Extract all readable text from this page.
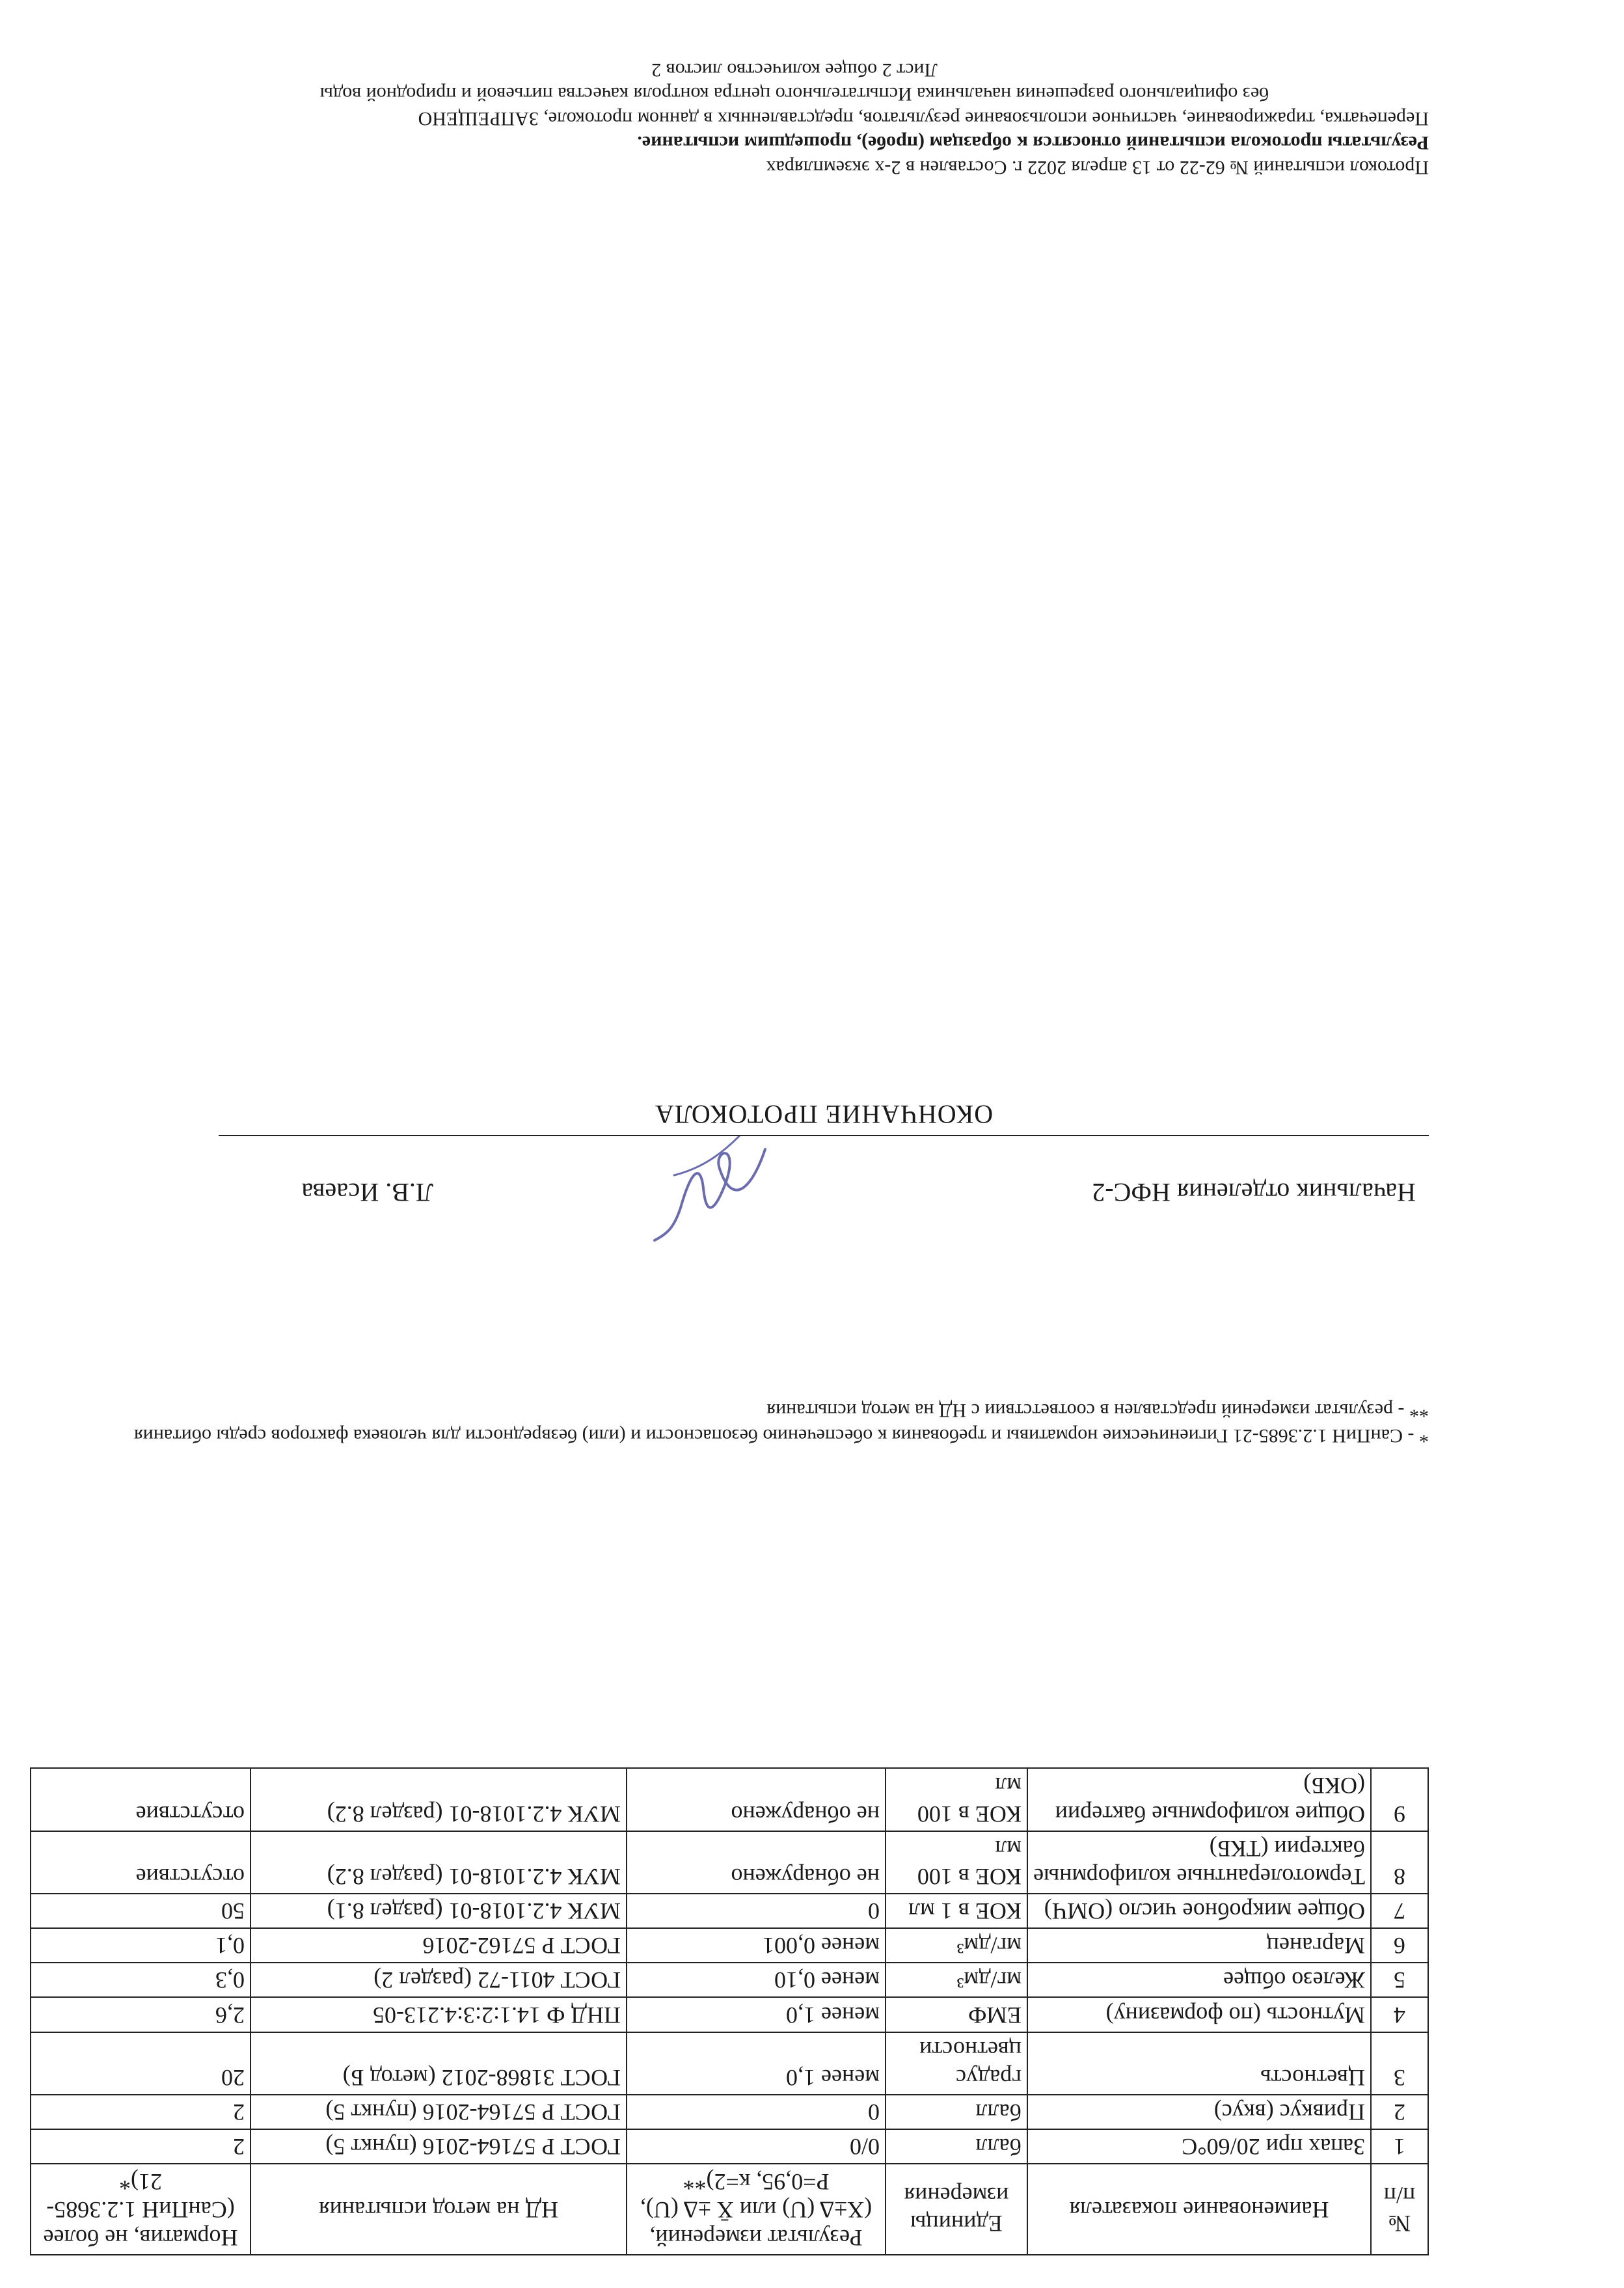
№ п/п	Наименование показателя	Единицы измерения	Результат измерений, (X±Δ (U) или X̄ ±Δ (U), Р=0,95, к=2)**	НД на метод испытания	Норматив, не более (СанПиН 1.2.3685-21)*
1	Запах при 20/60°С	балл	0/0	ГОСТ Р 57164-2016 (пункт 5)	2
2	Привкус (вкус)	балл	0	ГОСТ Р 57164-2016 (пункт 5)	2
3	Цветность	градус цветности	менее 1,0	ГОСТ 31868-2012 (метод Б)	20
4	Мутность (по формазину)	ЕМФ	менее 1,0	ПНД Ф 14.1:2:3:4.213-05	2,6
5	Железо общее	мг/дм³	менее 0,10	ГОСТ 4011-72 (раздел 2)	0,3
6	Марганец	мг/дм³	менее 0,001	ГОСТ Р 57162-2016	0,1
7	Общее микробное число (ОМЧ)	КОЕ в 1 мл	0	МУК 4.2.1018-01 (раздел 8.1)	50
8	Термотолерантные колиформные бактерии (ТКБ)	КОЕ в 100 мл	не обнаружено	МУК 4.2.1018-01 (раздел 8.2)	отсутствие
9	Общие колиформные бактерии (ОКБ)	КОЕ в 100 мл	не обнаружено	МУК 4.2.1018-01 (раздел 8.2)	отсутствие
* - СанПиН 1.2.3685-21 Гигиенические нормативы и требования к обеспечению безопасности и (или) безвредности для человека факторов среды обитания
** - результат измерений представлен в соответствии с НД на метод испытания
Начальник отделения НФС-2
Л.В. Исаева
ОКОНЧАНИЕ ПРОТОКОЛА
Протокол испытаний № 62-22 от 13 апреля 2022 г. Составлен в 2-х экземплярах
Результаты протокола испытаний относятся к образцам (пробе), прошедшим испытание.
Перепечатка, тиражирование, частичное использование результатов, представленных в данном протоколе, ЗАПРЕЩЕНО
без официального разрешения начальника Испытательного центра контроля качества питьевой и природной воды
Лист 2 общее количество листов 2
